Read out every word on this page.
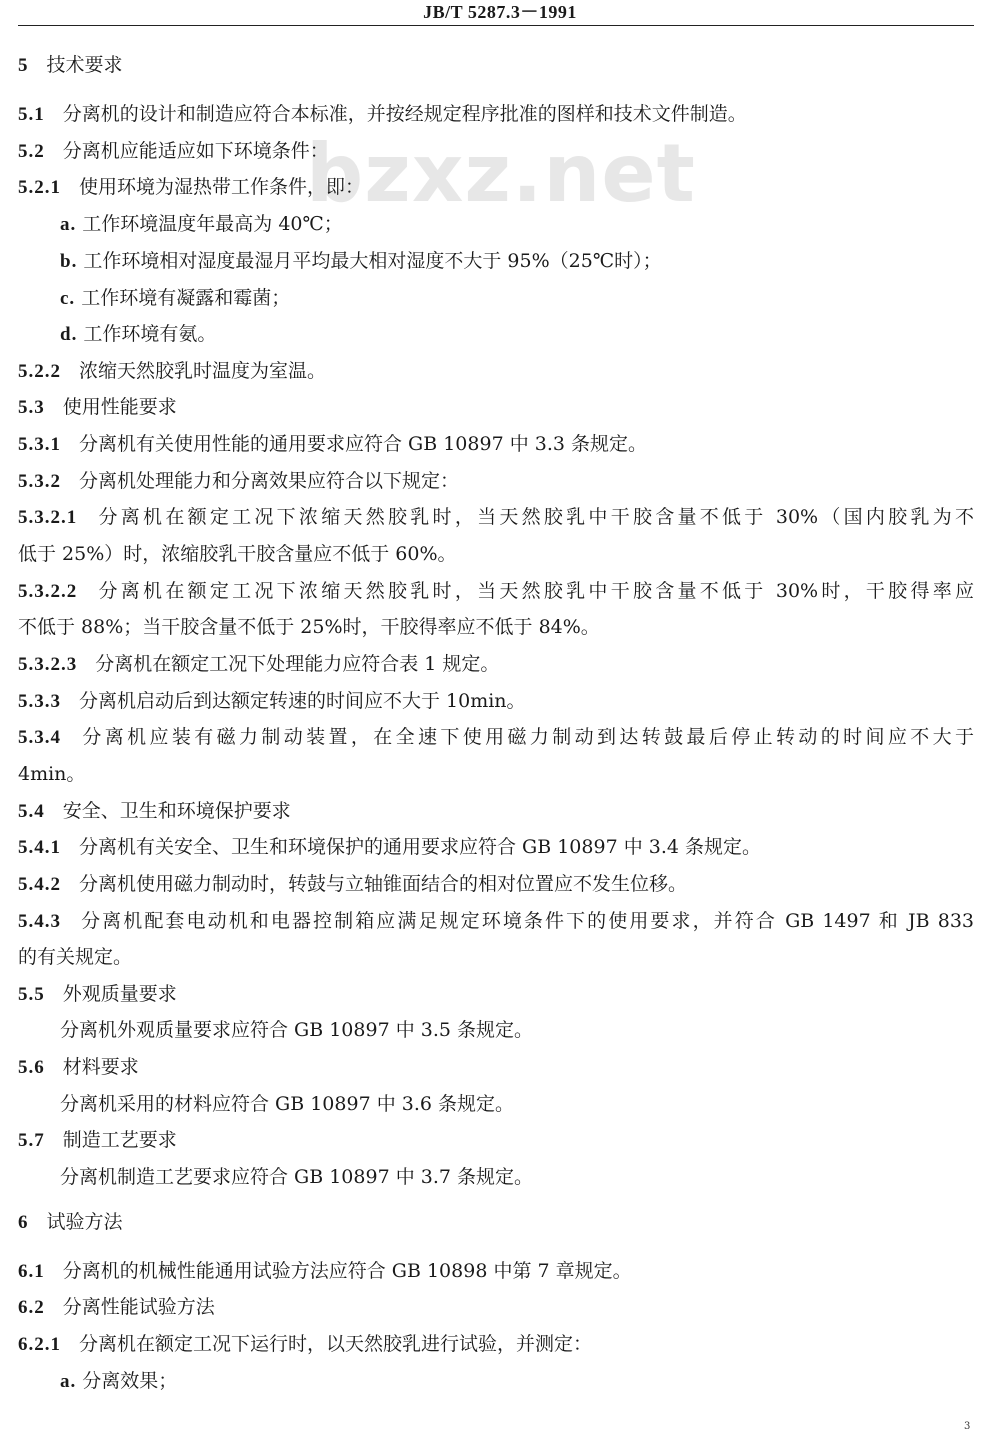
JB/T 5287.3－1991
bzxz.net
5 技术要求
5.1 分离机的设计和制造应符合本标准，并按经规定程序批准的图样和技术文件制造。
5.2 分离机应能适应如下环境条件：
5.2.1 使用环境为湿热带工作条件，即：
a. 工作环境温度年最高为 40℃；
b. 工作环境相对湿度最湿月平均最大相对湿度不大于 95%（25℃时）；
c. 工作环境有凝露和霉菌；
d. 工作环境有氨。
5.2.2 浓缩天然胶乳时温度为室温。
5.3 使用性能要求
5.3.1 分离机有关使用性能的通用要求应符合 GB 10897 中 3.3 条规定。
5.3.2 分离机处理能力和分离效果应符合以下规定：
5.3.2.1 分离机在额定工况下浓缩天然胶乳时，当天然胶乳中干胶含量不低于 30%（国内胶乳为不
低于 25%）时，浓缩胶乳干胶含量应不低于 60%。
5.3.2.2 分离机在额定工况下浓缩天然胶乳时，当天然胶乳中干胶含量不低于 30%时，干胶得率应
不低于 88%；当干胶含量不低于 25%时，干胶得率应不低于 84%。
5.3.2.3 分离机在额定工况下处理能力应符合表 1 规定。
5.3.3 分离机启动后到达额定转速的时间应不大于 10min。
5.3.4 分离机应装有磁力制动装置，在全速下使用磁力制动到达转鼓最后停止转动的时间应不大于
4min。
5.4 安全、卫生和环境保护要求
5.4.1 分离机有关安全、卫生和环境保护的通用要求应符合 GB 10897 中 3.4 条规定。
5.4.2 分离机使用磁力制动时，转鼓与立轴锥面结合的相对位置应不发生位移。
5.4.3 分离机配套电动机和电器控制箱应满足规定环境条件下的使用要求，并符合 GB 1497 和 JB 833
的有关规定。
5.5 外观质量要求
分离机外观质量要求应符合 GB 10897 中 3.5 条规定。
5.6 材料要求
分离机采用的材料应符合 GB 10897 中 3.6 条规定。
5.7 制造工艺要求
分离机制造工艺要求应符合 GB 10897 中 3.7 条规定。
6 试验方法
6.1 分离机的机械性能通用试验方法应符合 GB 10898 中第 7 章规定。
6.2 分离性能试验方法
6.2.1 分离机在额定工况下运行时，以天然胶乳进行试验，并测定：
a. 分离效果；
3
